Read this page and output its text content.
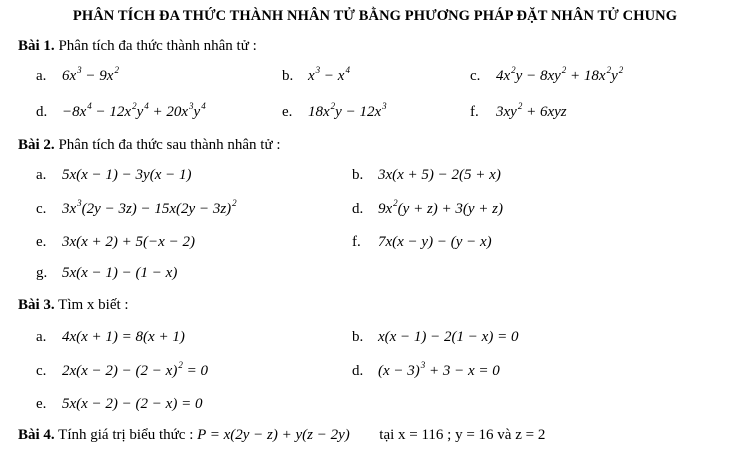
PHÂN TÍCH ĐA THỨC THÀNH NHÂN TỬ BẰNG PHƯƠNG PHÁP ĐẶT NHÂN TỬ CHUNG
Bài 1. Phân tích đa thức thành nhân tử :
a. $6x^3 - 9x^2$	b. $x^3 - x^4$	c. $4x^2y - 8xy^2 + 18x^2y^2$
d. $-8x^4 - 12x^2y^4 + 20x^3y^4$	e. $18x^2y - 12x^3$	f. $3xy^2 + 6xyz$
Bài 2. Phân tích đa thức sau thành nhân tử :
a. 5x(x − 1) − 3y(x − 1)	b. 3x(x + 5) − 2(5 + x)
c. $3x^3(2y - 3z) - 15x(2y - 3z)^2$	d. $9x^2(y + z) + 3(y + z)$
e. 3x(x + 2) + 5(−x − 2)	f. 7x(x − y) − (y − x)
g. 5x(x − 1) − (1 − x)
Bài 3. Tìm x biết :
a. 4x(x + 1) = 8(x + 1)	b. x(x − 1) − 2(1 − x) = 0
c. $2x(x - 2) - (2 - x)^2 = 0$	d. $(x - 3)^3 + 3 - x = 0$
e. 5x(x − 2) − (2 − x) = 0
Bài 4. Tính giá trị biểu thức : P = x(2y − z) + y(z − 2y) tại x = 116 ; y = 16 và z = 2
